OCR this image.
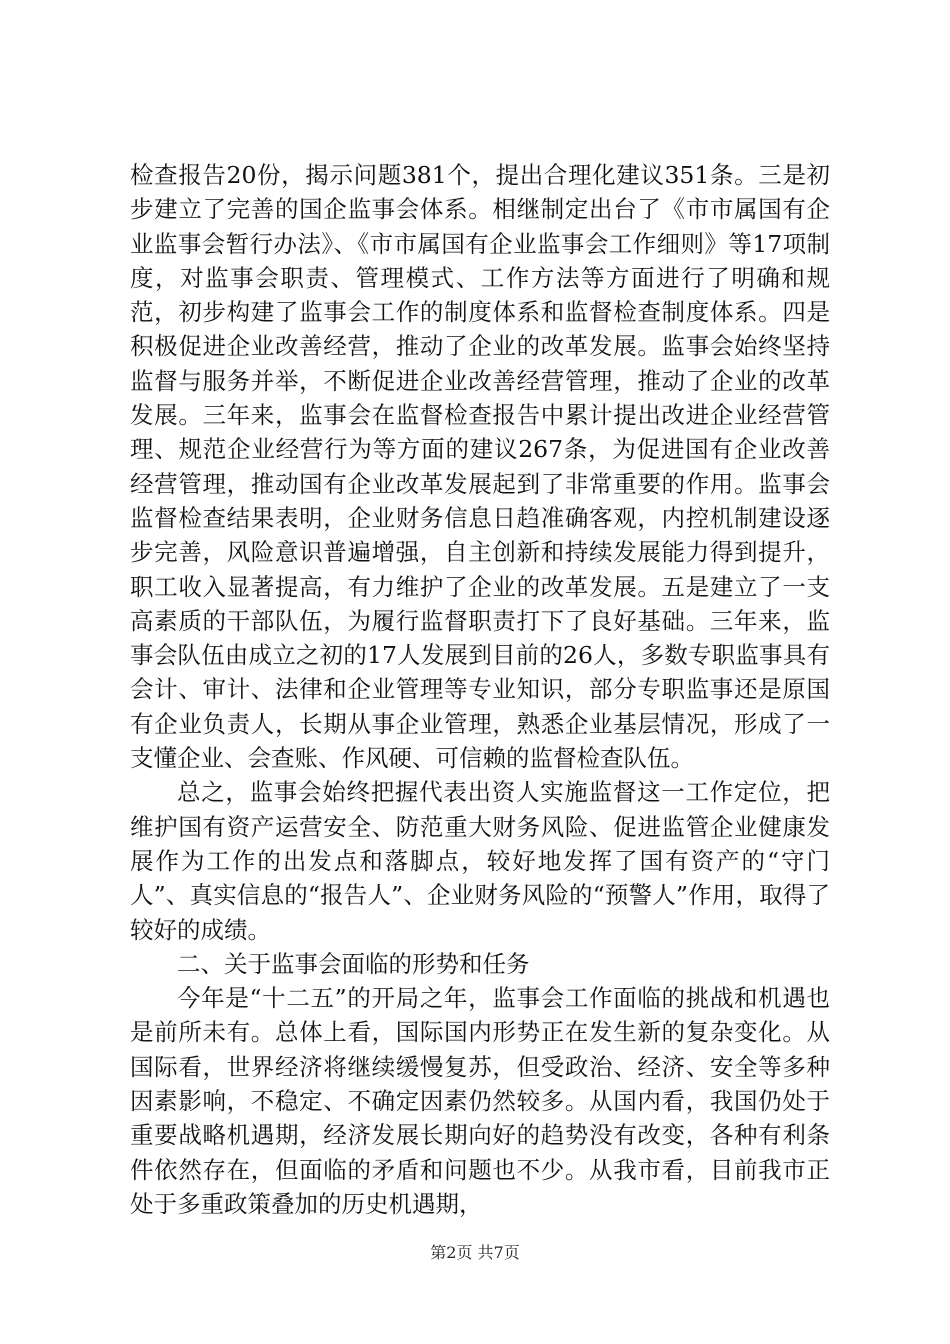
检查报告20份，揭示问题381个，提出合理化建议351条。三是初步建立了完善的国企监事会体系。相继制定出台了《市市属国有企业监事会暂行办法》、《市市属国有企业监事会工作细则》等17项制度，对监事会职责、管理模式、工作方法等方面进行了明确和规范，初步构建了监事会工作的制度体系和监督检查制度体系。四是积极促进企业改善经营，推动了企业的改革发展。监事会始终坚持监督与服务并举，不断促进企业改善经营管理，推动了企业的改革发展。三年来，监事会在监督检查报告中累计提出改进企业经营管理、规范企业经营行为等方面的建议267条，为促进国有企业改善经营管理，推动国有企业改革发展起到了非常重要的作用。监事会监督检查结果表明，企业财务信息日趋准确客观，内控机制建设逐步完善，风险意识普遍增强，自主创新和持续发展能力得到提升，职工收入显著提高，有力维护了企业的改革发展。五是建立了一支高素质的干部队伍，为履行监督职责打下了良好基础。三年来，监事会队伍由成立之初的17人发展到目前的26人，多数专职监事具有会计、审计、法律和企业管理等专业知识，部分专职监事还是原国有企业负责人，长期从事企业管理，熟悉企业基层情况，形成了一支懂企业、会查账、作风硬、可信赖的监督检查队伍。

总之，监事会始终把握代表出资人实施监督这一工作定位，把维护国有资产运营安全、防范重大财务风险、促进监管企业健康发展作为工作的出发点和落脚点，较好地发挥了国有资产的“守门人”、真实信息的“报告人”、企业财务风险的“预警人”作用，取得了较好的成绩。

二、关于监事会面临的形势和任务

今年是“十二五”的开局之年，监事会工作面临的挑战和机遇也是前所未有。总体上看，国际国内形势正在发生新的复杂变化。从国际看，世界经济将继续缓慢复苏，但受政治、经济、安全等多种因素影响，不稳定、不确定因素仍然较多。从国内看，我国仍处于重要战略机遇期，经济发展长期向好的趋势没有改变，各种有利条件依然存在，但面临的矛盾和问题也不少。从我市看，目前我市正处于多重政策叠加的历史机遇期，

第2页 共7页
